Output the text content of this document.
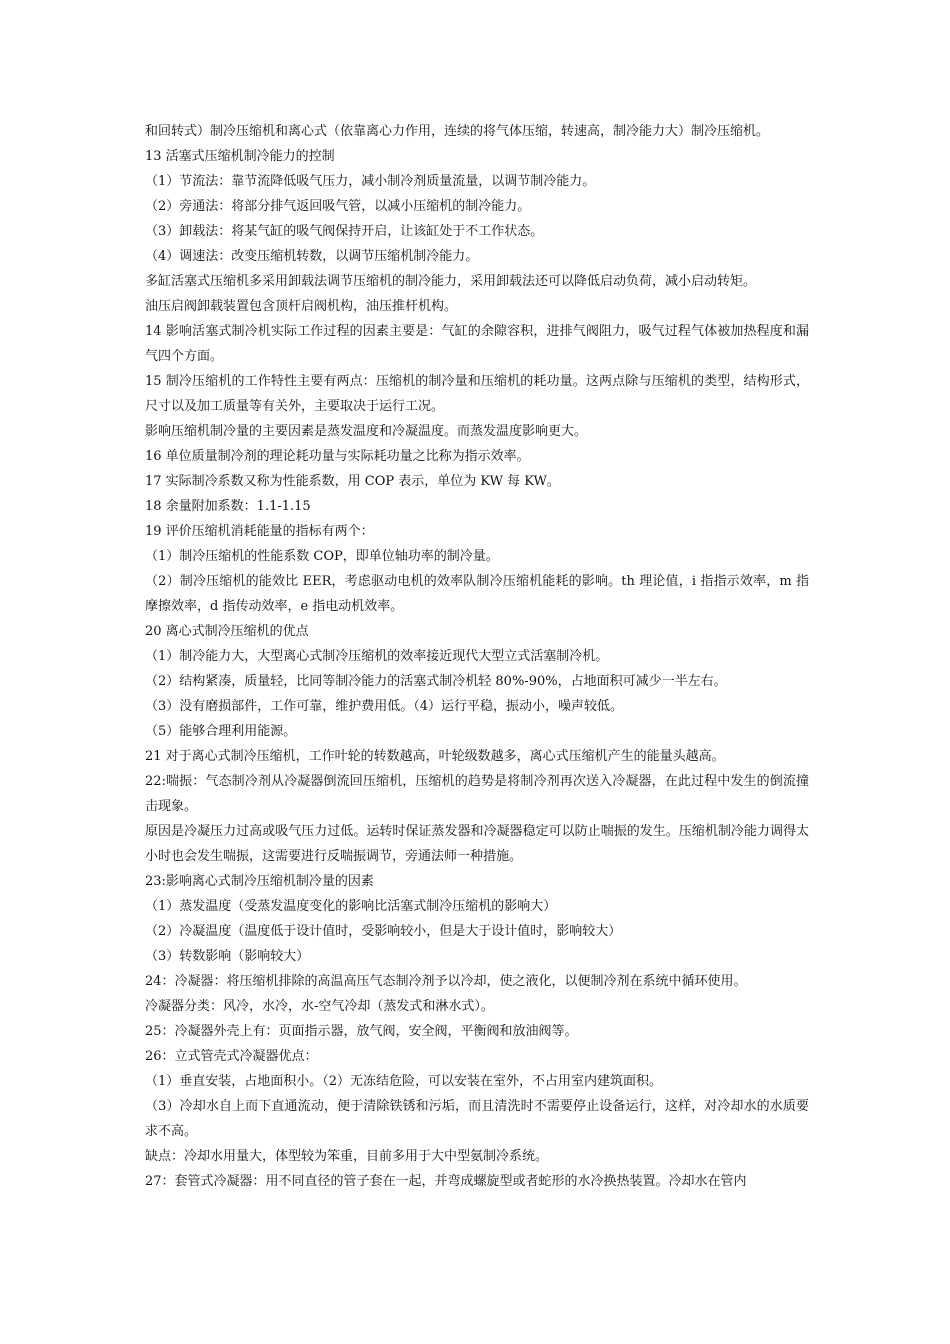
和回转式）制冷压缩机和离心式（依靠离心力作用，连续的将气体压缩，转速高，制冷能力大）制冷压缩机。

13 活塞式压缩机制冷能力的控制

（1）节流法：靠节流降低吸气压力，减小制冷剂质量流量，以调节制冷能力。

（2）旁通法：将部分排气返回吸气管，以减小压缩机的制冷能力。

（3）卸载法：将某气缸的吸气阀保持开启，让该缸处于不工作状态。

（4）调速法：改变压缩机转数，以调节压缩机制冷能力。

多缸活塞式压缩机多采用卸载法调节压缩机的制冷能力，采用卸载法还可以降低启动负荷，减小启动转矩。

油压启阀卸载装置包含顶杆启阀机构，油压推杆机构。

14 影响活塞式制冷机实际工作过程的因素主要是：气缸的余隙容积，进排气阀阻力，吸气过程气体被加热程度和漏气四个方面。

15 制冷压缩机的工作特性主要有两点：压缩机的制冷量和压缩机的耗功量。这两点除与压缩机的类型，结构形式，尺寸以及加工质量等有关外，主要取决于运行工况。

影响压缩机制冷量的主要因素是蒸发温度和冷凝温度。而蒸发温度影响更大。

16 单位质量制冷剂的理论耗功量与实际耗功量之比称为指示效率。

17 实际制冷系数又称为性能系数，用 COP 表示，单位为 KW 每 KW。

18 余量附加系数：1.1-1.15

19 评价压缩机消耗能量的指标有两个：

（1）制冷压缩机的性能系数 COP，即单位轴功率的制冷量。

（2）制冷压缩机的能效比 EER，考虑驱动电机的效率队制冷压缩机能耗的影响。th 理论值，i 指指示效率，m 指摩擦效率，d 指传动效率，e 指电动机效率。

20 离心式制冷压缩机的优点

（1）制冷能力大，大型离心式制冷压缩机的效率接近现代大型立式活塞制冷机。

（2）结构紧凑，质量轻，比同等制冷能力的活塞式制冷机轻 80%-90%，占地面积可减少一半左右。

（3）没有磨损部件，工作可靠，维护费用低。（4）运行平稳，振动小，噪声较低。

（5）能够合理利用能源。

21 对于离心式制冷压缩机，工作叶轮的转数越高，叶轮级数越多，离心式压缩机产生的能量头越高。

22:喘振：气态制冷剂从冷凝器倒流回压缩机，压缩机的趋势是将制冷剂再次送入冷凝器，在此过程中发生的倒流撞击现象。

原因是冷凝压力过高或吸气压力过低。运转时保证蒸发器和冷凝器稳定可以防止喘振的发生。压缩机制冷能力调得太小时也会发生喘振，这需要进行反喘振调节，旁通法师一种措施。

23:影响离心式制冷压缩机制冷量的因素

（1）蒸发温度（受蒸发温度变化的影响比活塞式制冷压缩机的影响大）

（2）冷凝温度（温度低于设计值时，受影响较小，但是大于设计值时，影响较大）

（3）转数影响（影响较大）

24：冷凝器：将压缩机排除的高温高压气态制冷剂予以冷却，使之液化，以便制冷剂在系统中循环使用。

冷凝器分类：风冷，水冷，水-空气冷却（蒸发式和淋水式）。

25：冷凝器外壳上有：页面指示器，放气阀，安全阀，平衡阀和放油阀等。

26：立式管壳式冷凝器优点：

（1）垂直安装，占地面积小。（2）无冻结危险，可以安装在室外，不占用室内建筑面积。

（3）冷却水自上而下直通流动，便于清除铁锈和污垢，而且清洗时不需要停止设备运行，这样，对冷却水的水质要求不高。

缺点：冷却水用量大，体型较为笨重，目前多用于大中型氨制冷系统。

27：套管式冷凝器：用不同直径的管子套在一起，并弯成螺旋型或者蛇形的水冷换热装置。冷却水在管内
